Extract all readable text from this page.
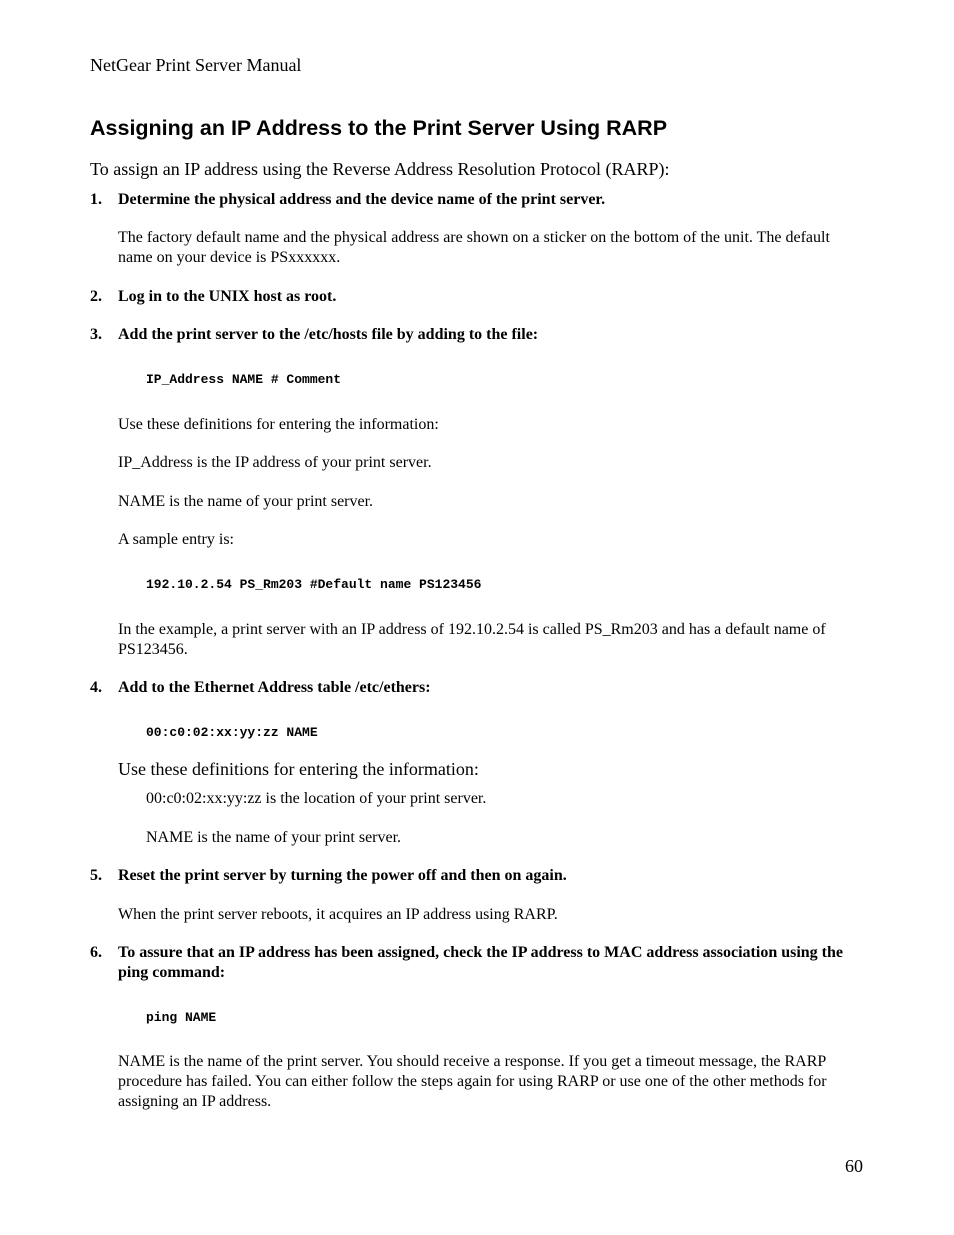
NetGear Print Server Manual
Assigning an IP Address to the Print Server Using RARP

To assign an IP address using the Reverse Address Resolution Protocol (RARP):

1.	Determine the physical address and the device name of the print server.

The factory default name and the physical address are shown on a sticker on the bottom of the unit. The default name on your device is PSxxxxxx.

2.	Log in to the UNIX host as root.
3.	Add the print server to the /etc/hosts file by adding to the file:
IP_Address NAME # Comment

Use these definitions for entering the information:

IP_Address is the IP address of your print server.

NAME is the name of your print server.

A sample entry is:

192.10.2.54 PS_Rm203 #Default name PS123456

In the example, a print server with an IP address of 192.10.2.54 is called PS_Rm203 and has a default name of PS123456.

4.	Add to the Ethernet Address table /etc/ethers:
00:c0:02:xx:yy:zz NAME

Use these definitions for entering the information:

00:c0:02:xx:yy:zz is the location of your print server.

NAME is the name of your print server.

5.	Reset the print server by turning the power off and then on again.

When the print server reboots, it acquires an IP address using RARP.

6.	To assure that an IP address has been assigned, check the IP address to MAC address association using the ping command:
ping NAME

NAME is the name of the print server. You should receive a response. If you get a timeout message, the RARP procedure has failed. You can either follow the steps again for using RARP or use one of the other methods for assigning an IP address.

60
